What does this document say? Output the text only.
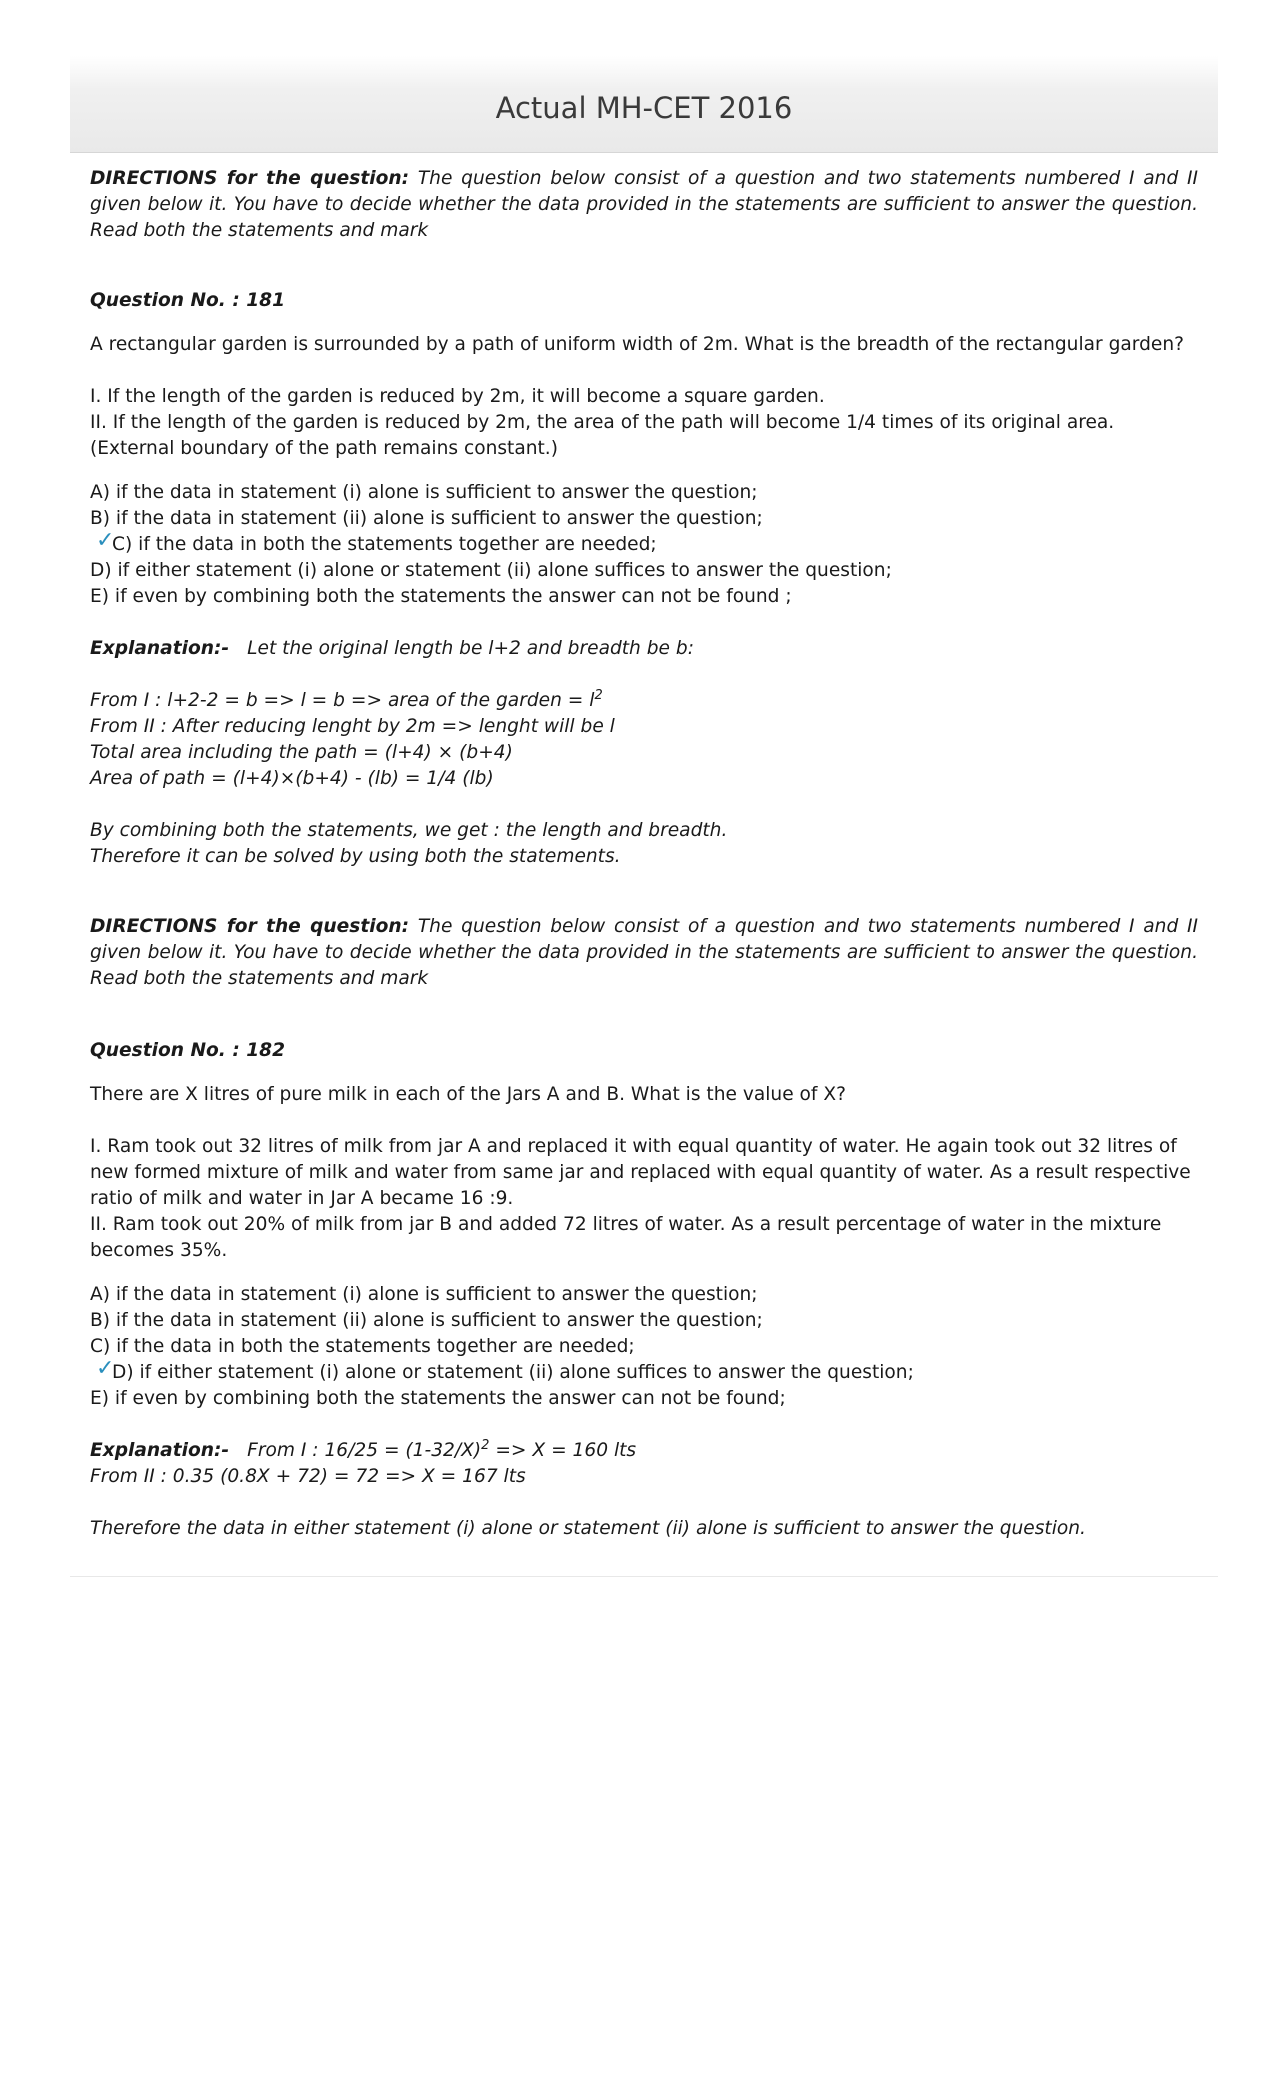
Actual MH-CET 2016

DIRECTIONS for the question: The question below consist of a question and two statements numbered I and II given below it. You have to decide whether the data provided in the statements are sufficient to answer the question. Read both the statements and mark

Question No. : 181

A rectangular garden is surrounded by a path of uniform width of 2m. What is the breadth of the rectangular garden?

I. If the length of the garden is reduced by 2m, it will become a square garden.

II. If the length of the garden is reduced by 2m, the area of the path will become 1/4 times of its original area. (External boundary of the path remains constant.)

A) if the data in statement (i) alone is sufficient to answer the question;

B) if the data in statement (ii) alone is sufficient to answer the question;

✓
C) if the data in both the statements together are needed;

D) if either statement (i) alone or statement (ii) alone suffices to answer the question;

E) if even by combining both the statements the answer can not be found ;

Explanation:- Let the original length be l+2 and breadth be b:

From I : l+2-2 = b => l = b => area of the garden = $l^2$

From II : After reducing lenght by 2m => lenght will be l

Total area including the path = (l+4) × (b+4)

Area of path = (l+4)×(b+4) - (lb) = 1/4 (lb)

By combining both the statements, we get : the length and breadth.

Therefore it can be solved by using both the statements.

DIRECTIONS for the question: The question below consist of a question and two statements numbered I and II given below it. You have to decide whether the data provided in the statements are sufficient to answer the question. Read both the statements and mark

Question No. : 182

There are X litres of pure milk in each of the Jars A and B. What is the value of X?

I. Ram took out 32 litres of milk from jar A and replaced it with equal quantity of water. He again took out 32 litres of new formed mixture of milk and water from same jar and replaced with equal quantity of water. As a result respective ratio of milk and water in Jar A became 16 :9.

II. Ram took out 20% of milk from jar B and added 72 litres of water. As a result percentage of water in the mixture becomes 35%.

A) if the data in statement (i) alone is sufficient to answer the question;

B) if the data in statement (ii) alone is sufficient to answer the question;

C) if the data in both the statements together are needed;

✓
D) if either statement (i) alone or statement (ii) alone suffices to answer the question;

E) if even by combining both the statements the answer can not be found;

Explanation:- From I : $16/25 = (1-32/X)^2 => X = 160$ lts

From II : 0.35 (0.8X + 72) = 72 => X = 167 lts

Therefore the data in either statement (i) alone or statement (ii) alone is sufficient to answer the question.
